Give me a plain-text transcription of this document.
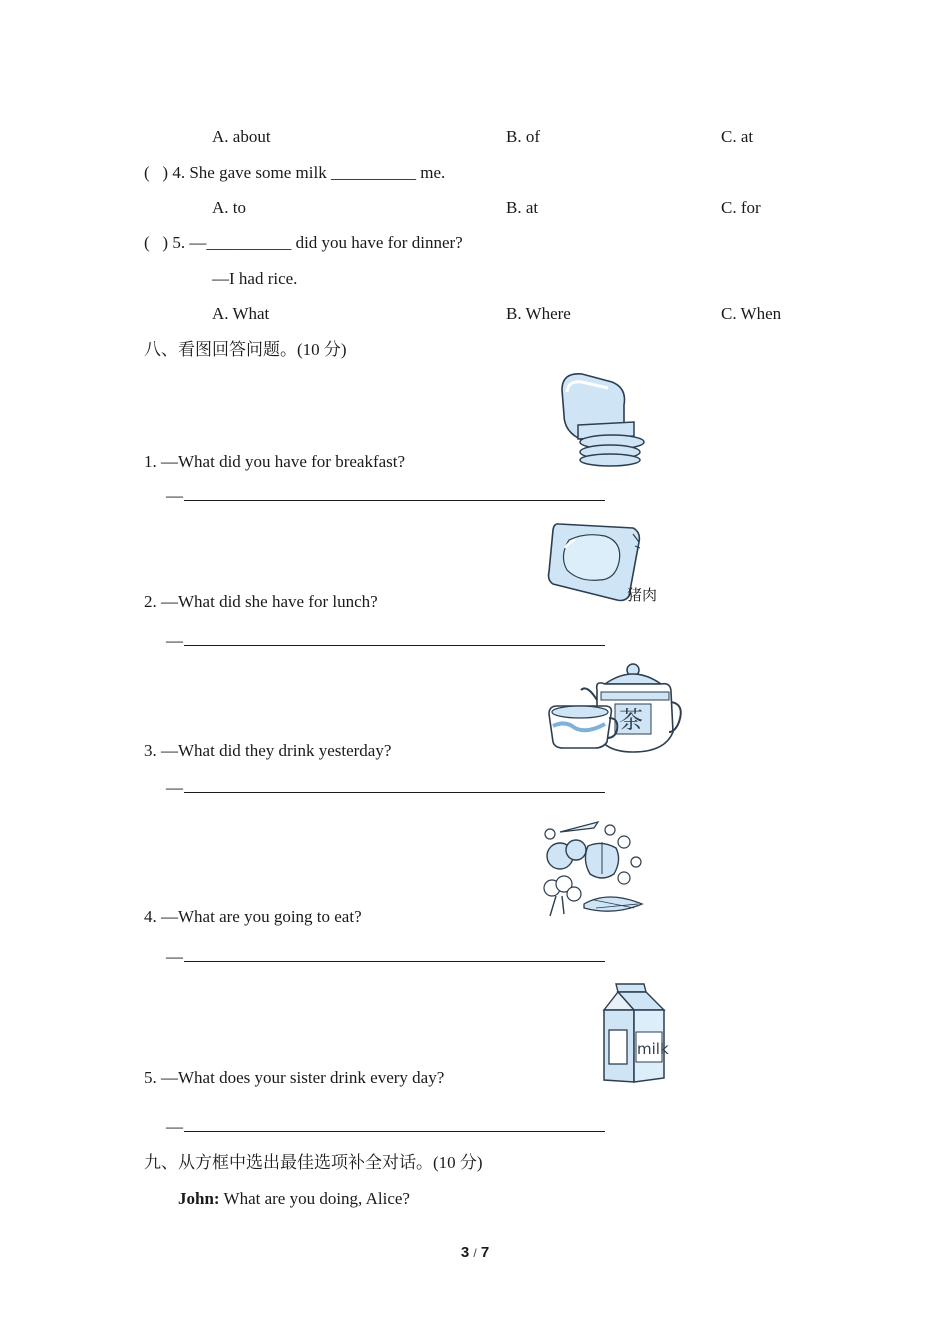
A. about	B. of	C. at
(   ) 4. She gave some milk __________ me.
A. to	B. at	C. for
(   ) 5. —__________ did you have for dinner?
—I had rice.
A. What	B. Where	C. When
八、看图回答问题。(10 分)
1. —What did you have for breakfast?
—
猪肉
2. —What did she have for lunch?
—
茶
3. —What did they drink yesterday?
—
4. —What are you going to eat?
—
milk
5. —What does your sister drink every day?
—
九、从方框中选出最佳选项补全对话。(10 分)
John: What are you doing, Alice?
3 / 7
